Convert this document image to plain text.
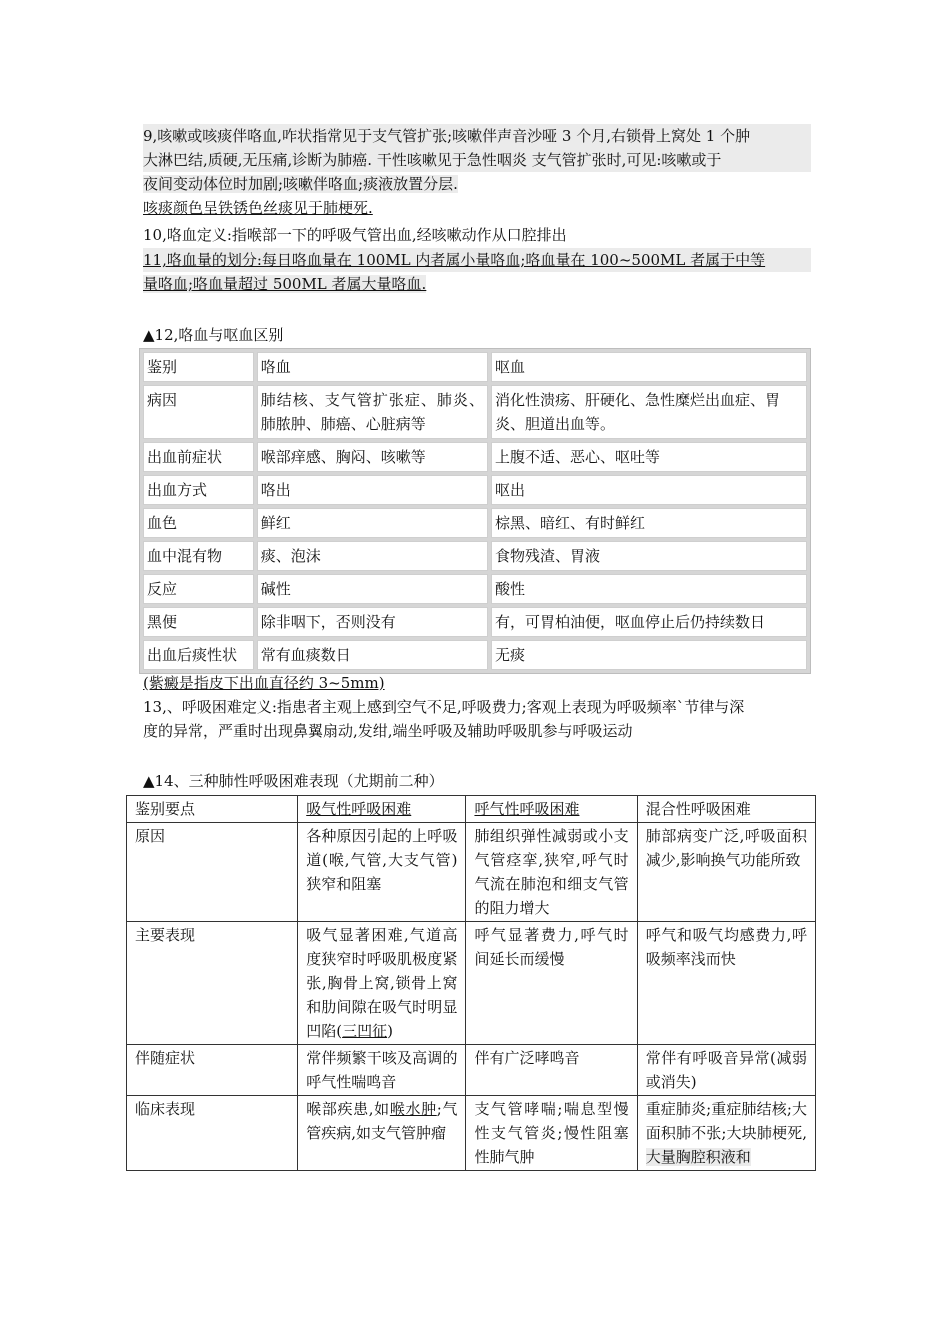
9,咳嗽或咳痰伴咯血,咋状指常见于支气管扩张;咳嗽伴声音沙哑 3 个月,右锁骨上窝处 1 个肿
大淋巴结,质硬,无压痛,诊断为肺癌. 干性咳嗽见于急性咽炎 支气管扩张时,可见:咳嗽或于
夜间变动体位时加剧;咳嗽伴咯血;痰液放置分层.
咳痰颜色呈铁锈色丝痰见于肺梗死.
10,咯血定义:指喉部一下的呼吸气管出血,经咳嗽动作从口腔排出
11,咯血量的划分:每日咯血量在 100ML 内者属小量咯血;咯血量在 100~500ML 者属于中等
量咯血;咯血量超过 500ML 者属大量咯血.
▲12,咯血与呕血区别
鉴别	咯血	呕血
病因	肺结核、支气管扩张症、肺炎、肺脓肿、肺癌、心脏病等	消化性溃疡、肝硬化、急性糜烂出血症、胃炎、胆道出血等。
出血前症状	喉部痒感、胸闷、咳嗽等	上腹不适、恶心、呕吐等
出血方式	咯出	呕出
血色	鲜红	棕黑、暗红、有时鲜红
血中混有物	痰、泡沫	食物残渣、胃液
反应	碱性	酸性
黑便	除非咽下，否则没有	有，可胃柏油便，呕血停止后仍持续数日
出血后痰性状	常有血痰数日	无痰
(紫癜是指皮下出血直径约 3~5mm)
13,、呼吸困难定义:指患者主观上感到空气不足,呼吸费力;客观上表现为呼吸频率`节律与深
度的异常，严重时出现鼻翼扇动,发绀,端坐呼吸及辅助呼吸肌参与呼吸运动
▲14、三种肺性呼吸困难表现（尤期前二种）
鉴别要点	吸气性呼吸困难	呼气性呼吸困难	混合性呼吸困难
原因	各种原因引起的上呼吸道(喉,气管,大支气管)狭窄和阻塞	肺组织弹性减弱或小支气管痉挛,狭窄,呼气时气流在肺泡和细支气管的阻力增大	肺部病变广泛,呼吸面积减少,影响换气功能所致
主要表现	吸气显著困难,气道高度狭窄时呼吸肌极度紧张,胸骨上窝,锁骨上窝和肋间隙在吸气时明显凹陷(三凹征)	呼气显著费力,呼气时间延长而缓慢	呼气和吸气均感费力,呼吸频率浅而快
伴随症状	常伴频繁干咳及高调的呼气性喘鸣音	伴有广泛哮鸣音	常伴有呼吸音异常(减弱或消失)
临床表现	喉部疾患,如喉水肿;气管疾病,如支气管肿瘤	支气管哮喘;喘息型慢性支气管炎;慢性阻塞性肺气肿	重症肺炎;重症肺结核;大面积肺不张;大块肺梗死,大量胸腔积液和
